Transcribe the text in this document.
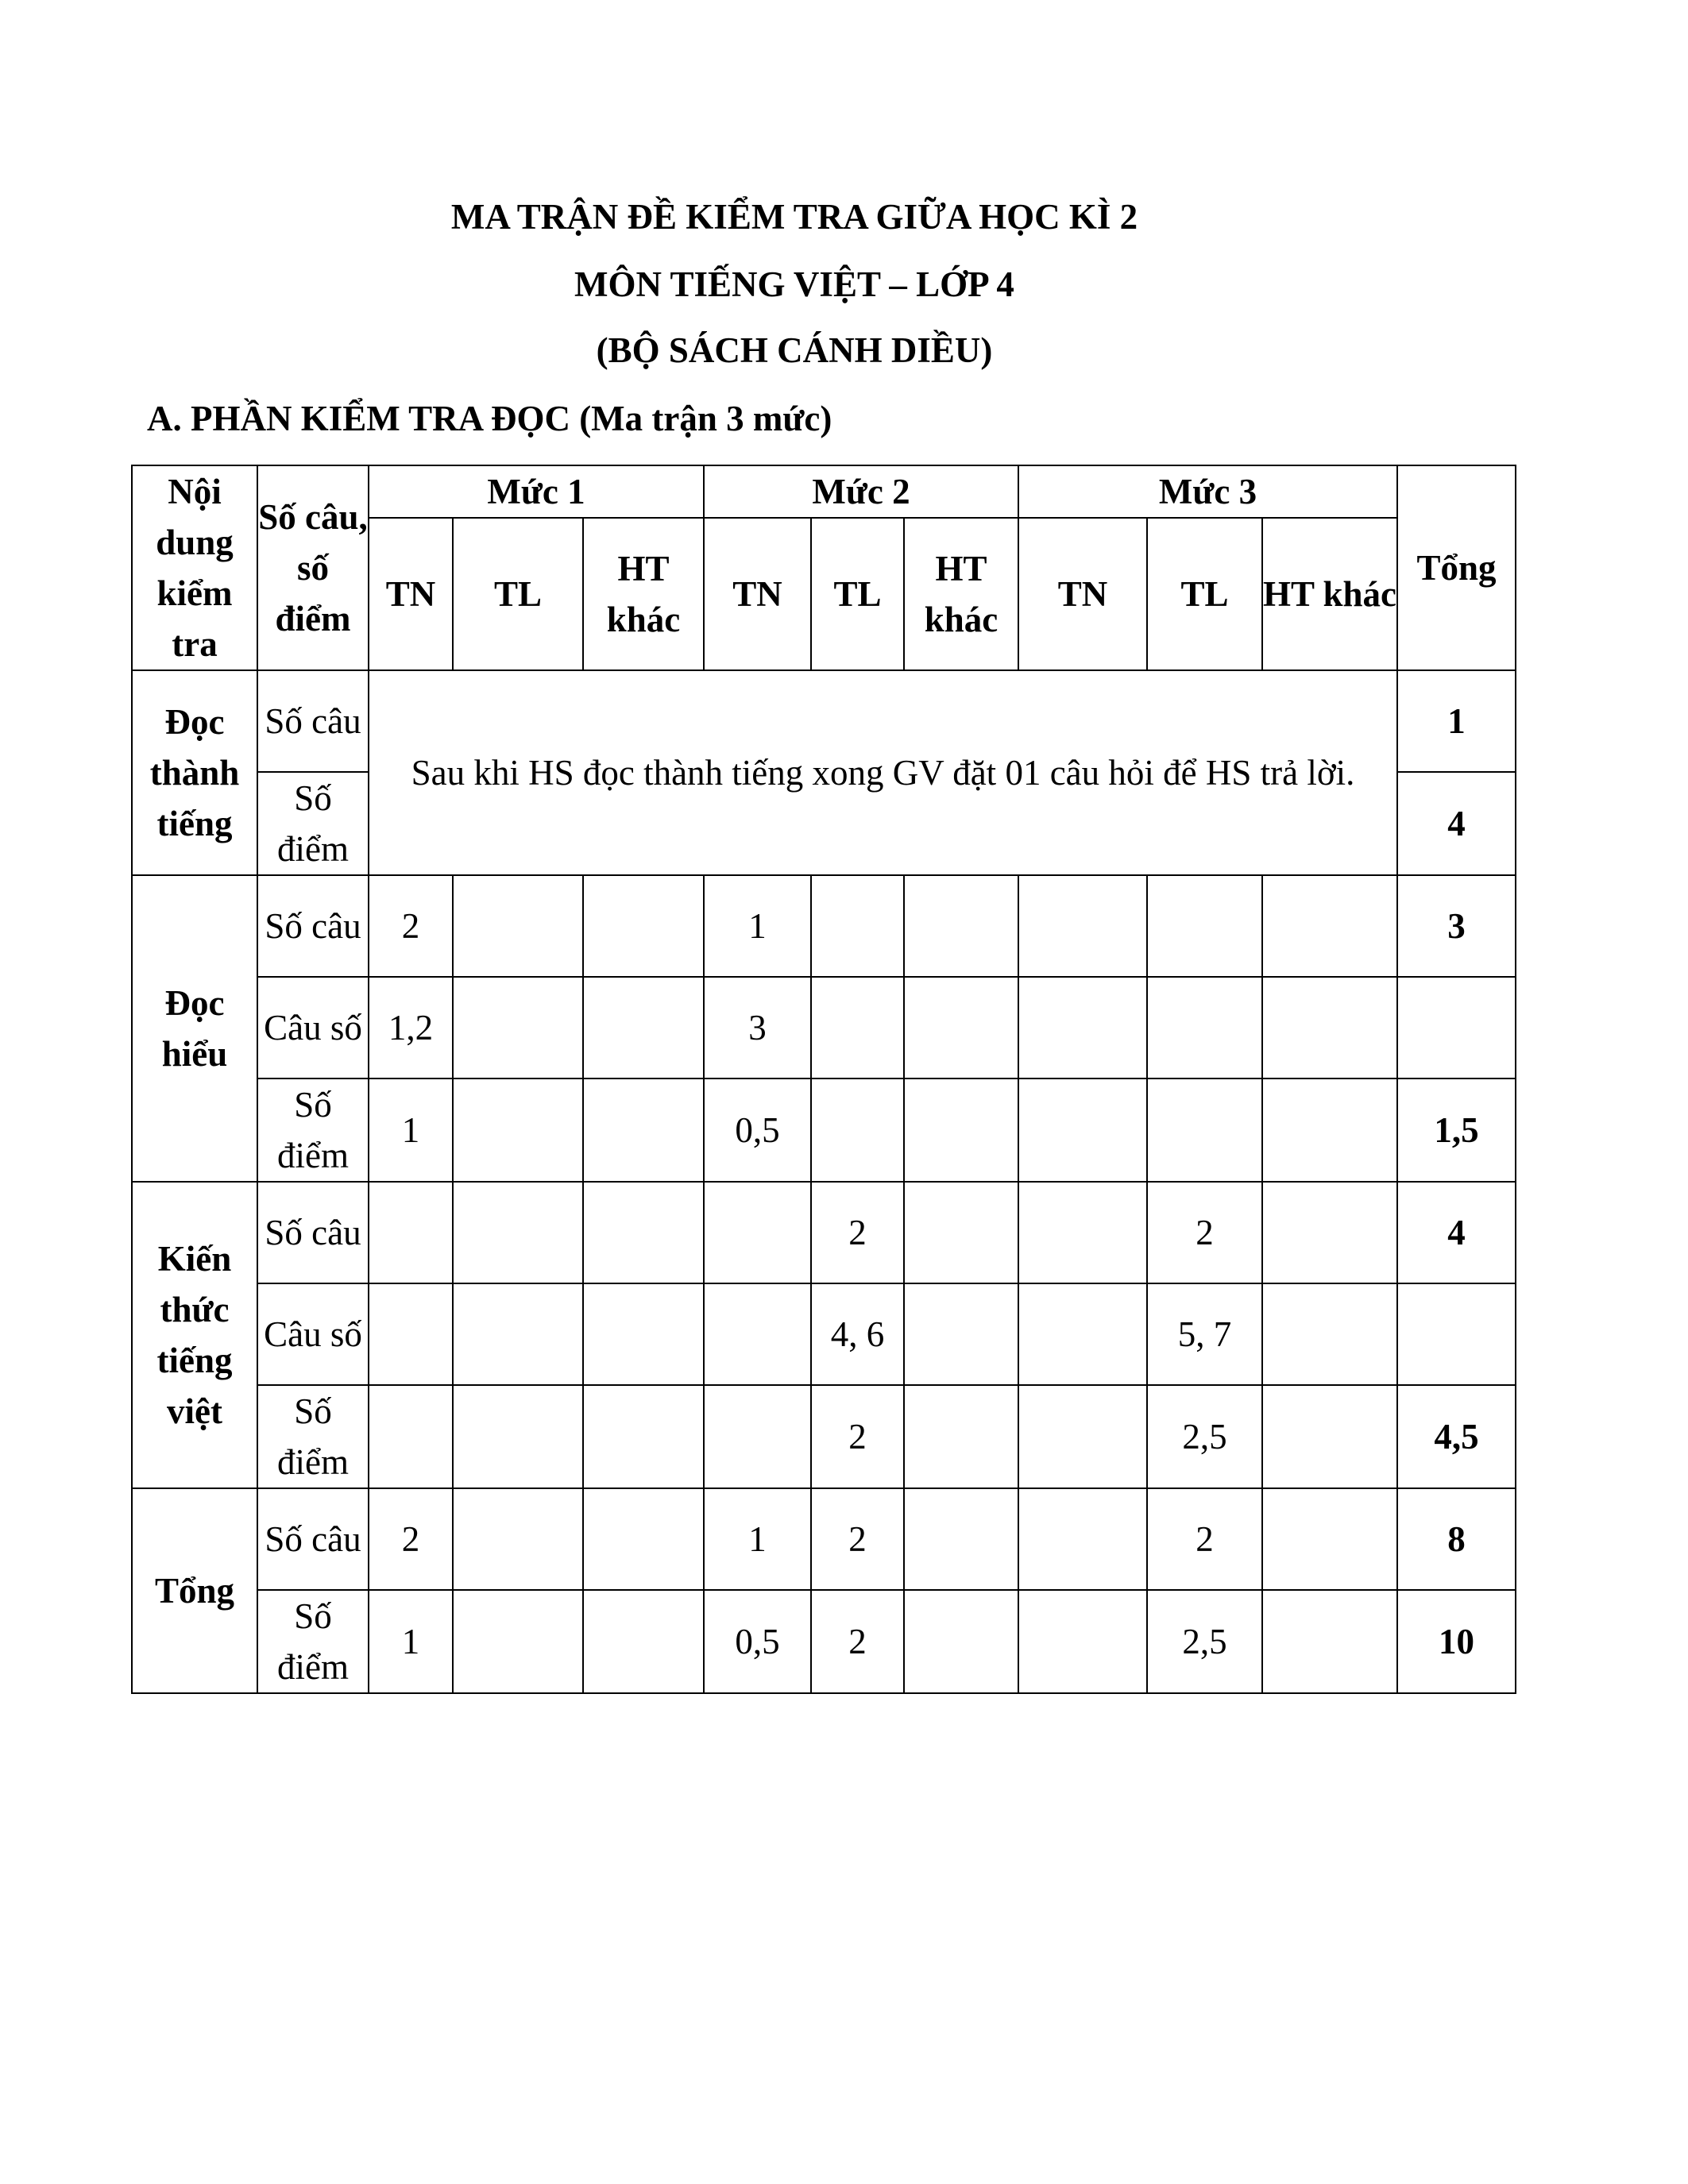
MA TRẬN ĐỀ KIỂM TRA GIỮA HỌC KÌ 2
MÔN TIẾNG VIỆT – LỚP 4
(BỘ SÁCH CÁNH DIỀU)
A. PHẦN KIỂM TRA ĐỌC (Ma trận 3 mức)
Nội dung kiểm tra	Số câu, số điểm	Mức 1			Mức 2			Mức 3			Tổng
		TN	TL	HT khác	TN	TL	HT khác	TN	TL	HT khác	
Đọc thành tiếng	Số câu	Sau khi HS đọc thành tiếng xong GV đặt 01 câu hỏi để HS trả lời.									1
	Số điểm										4
Đọc hiểu	Số câu	2			1						3
	Câu số	1,2			3						
	Số điểm	1			0,5						1,5
Kiến thức tiếng việt	Số câu					2			2		4
	Câu số					4, 6			5, 7		
	Số điểm					2			2,5		4,5
Tổng	Số câu	2			1	2			2		8
	Số điểm	1			0,5	2			2,5		10
